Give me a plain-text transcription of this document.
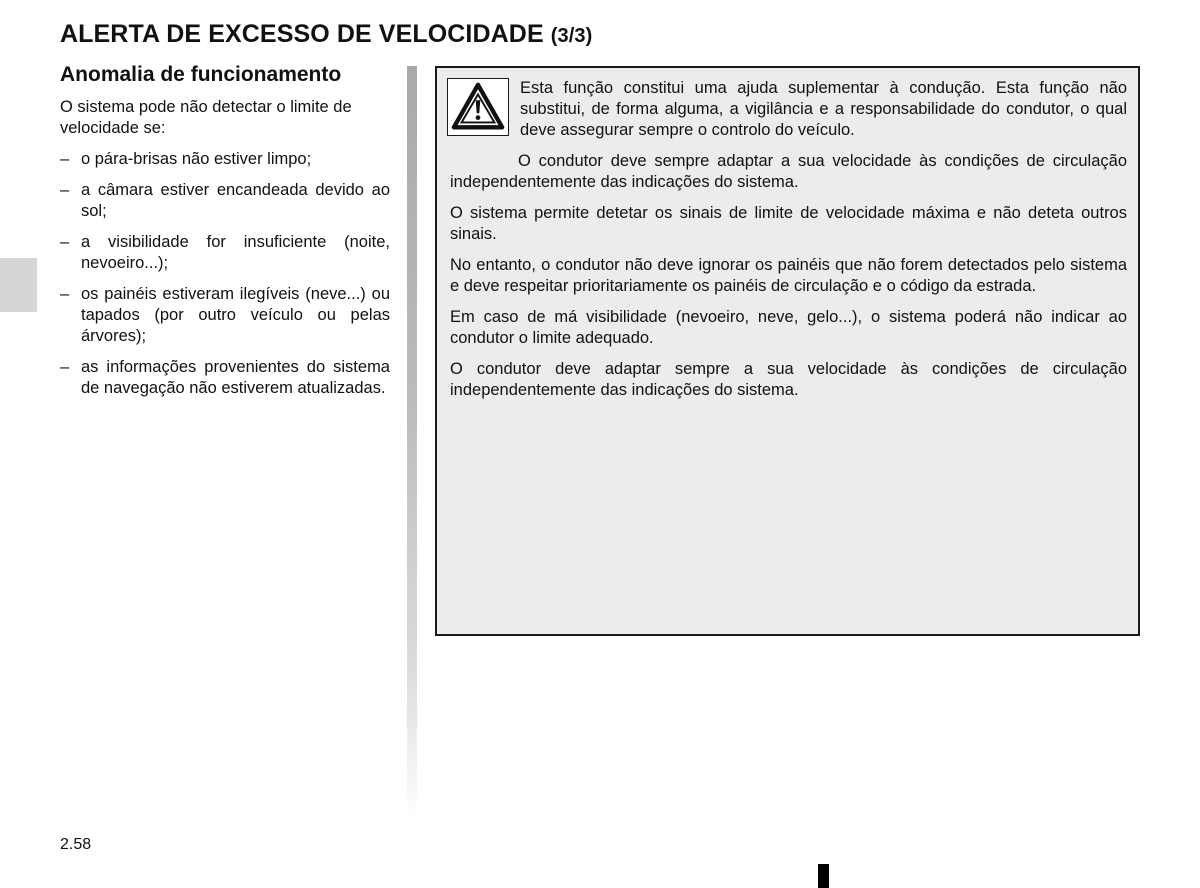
ALERTA DE EXCESSO DE VELOCIDADE (3/3)
Anomalia de funcionamento

O sistema pode não detectar o limite de velocidade se:

– o pára-brisas não estiver limpo;
– a câmara estiver encandeada devido ao sol;
– a visibilidade for insuficiente (noite, nevoeiro...);
– os painéis estiveram ilegíveis (neve...) ou tapados (por outro veículo ou pelas árvores);
– as informações provenientes do sistema de navegação não estiverem atualizadas.

Esta função constitui uma ajuda suplementar à condução. Esta função não substitui, de forma alguma, a vigilância e a responsabilidade do condutor, o qual deve assegurar sempre o controlo do veículo.

O condutor deve sempre adaptar a sua velocidade às condições de circulação independentemente das indicações do sistema.

O sistema permite detetar os sinais de limite de velocidade máxima e não deteta outros sinais.

No entanto, o condutor não deve ignorar os painéis que não forem detectados pelo sistema e deve respeitar prioritariamente os painéis de circulação e o código da estrada.

Em caso de má visibilidade (nevoeiro, neve, gelo...), o sistema poderá não indicar ao condutor o limite adequado.

O condutor deve adaptar sempre a sua velocidade às condições de circulação independentemente das indicações do sistema.

2.58
